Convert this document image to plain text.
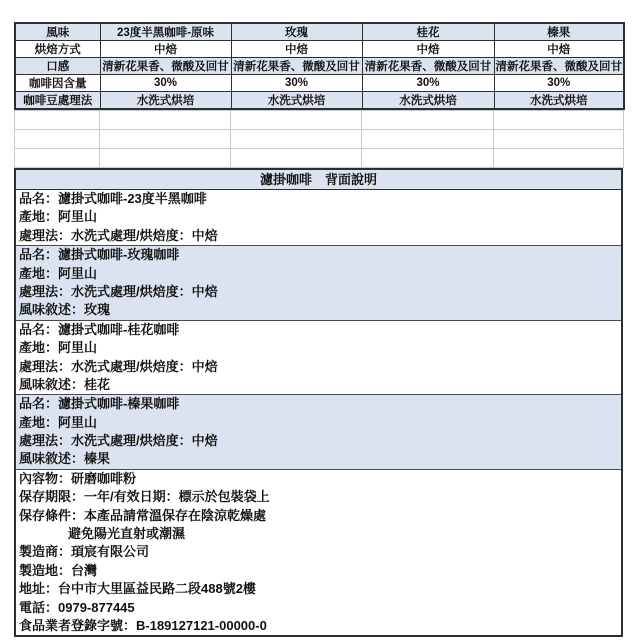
風味	23度半黑咖啡-原味	玫瑰	桂花	榛果
烘焙方式	中焙	中焙	中焙	中焙
口感	清新花果香、微酸及回甘	清新花果香、微酸及回甘	清新花果香、微酸及回甘	清新花果香、微酸及回甘
咖啡因含量	30%	30%	30%	30%
咖啡豆處理法	水洗式烘培	水洗式烘培	水洗式烘培	水洗式烘培

濾掛咖啡　背面說明
品名：濾掛式咖啡-23度半黑咖啡
產地：阿里山
處理法：水洗式處理/烘焙度：中焙
品名：濾掛式咖啡-玫瑰咖啡
產地：阿里山
處理法：水洗式處理/烘焙度：中焙
風味敘述：玫瑰
品名：濾掛式咖啡-桂花咖啡
產地：阿里山
處理法：水洗式處理/烘焙度：中焙
風味敘述：桂花
品名：濾掛式咖啡-榛果咖啡
產地：阿里山
處理法：水洗式處理/烘焙度：中焙
風味敘述：榛果
內容物：研磨咖啡粉
保存期限：一年/有效日期：標示於包裝袋上
保存條件：本產品請常溫保存在陰涼乾燥處
避免陽光直射或潮濕
製造商：頊宸有限公司
製造地：台灣
地址：台中市大里區益民路二段488號2樓
電話：0979-877445
食品業者登錄字號：B-189127121-00000-0
